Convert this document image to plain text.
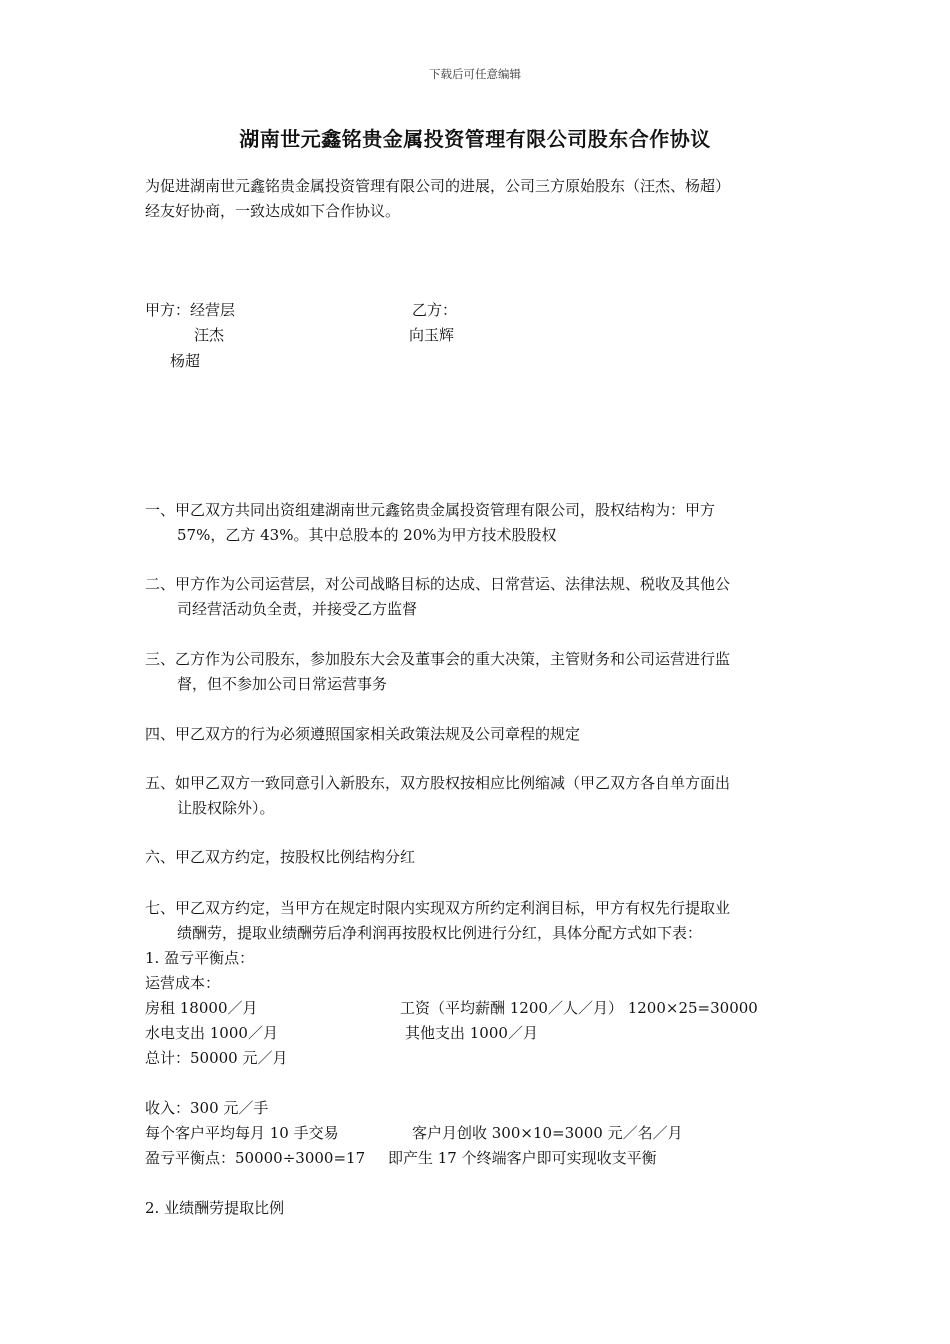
下载后可任意编辑
湖南世元鑫铭贵金属投资管理有限公司股东合作协议
为促进湖南世元鑫铭贵金属投资管理有限公司的进展，公司三方原始股东（汪杰、杨超）
经友好协商，一致达成如下合作协议。
甲方：经营层	乙方：
汪杰	向玉辉
杨超
一、甲乙双方共同出资组建湖南世元鑫铭贵金属投资管理有限公司，股权结构为：甲方
57%，乙方 43%。其中总股本的 20%为甲方技术股股权
二、甲方作为公司运营层，对公司战略目标的达成、日常营运、法律法规、税收及其他公
司经营活动负全责，并接受乙方监督
三、乙方作为公司股东，参加股东大会及董事会的重大决策，主管财务和公司运营进行监
督，但不参加公司日常运营事务
四、甲乙双方的行为必须遵照国家相关政策法规及公司章程的规定
五、如甲乙双方一致同意引入新股东，双方股权按相应比例缩减（甲乙双方各自单方面出
让股权除外）。
六、甲乙双方约定，按股权比例结构分红
七、甲乙双方约定，当甲方在规定时限内实现双方所约定利润目标，甲方有权先行提取业
绩酬劳，提取业绩酬劳后净利润再按股权比例进行分红，具体分配方式如下表：
1. 盈亏平衡点：
运营成本：
房租 18000／月	工资（平均薪酬 1200／人／月） 1200×25=30000
水电支出 1000／月	其他支出 1000／月
总计：50000 元／月
收入：300 元／手
每个客户平均每月 10 手交易	客户月创收 300×10=3000 元／名／月
盈亏平衡点：50000÷3000=17 即产生 17 个终端客户即可实现收支平衡
2. 业绩酬劳提取比例
